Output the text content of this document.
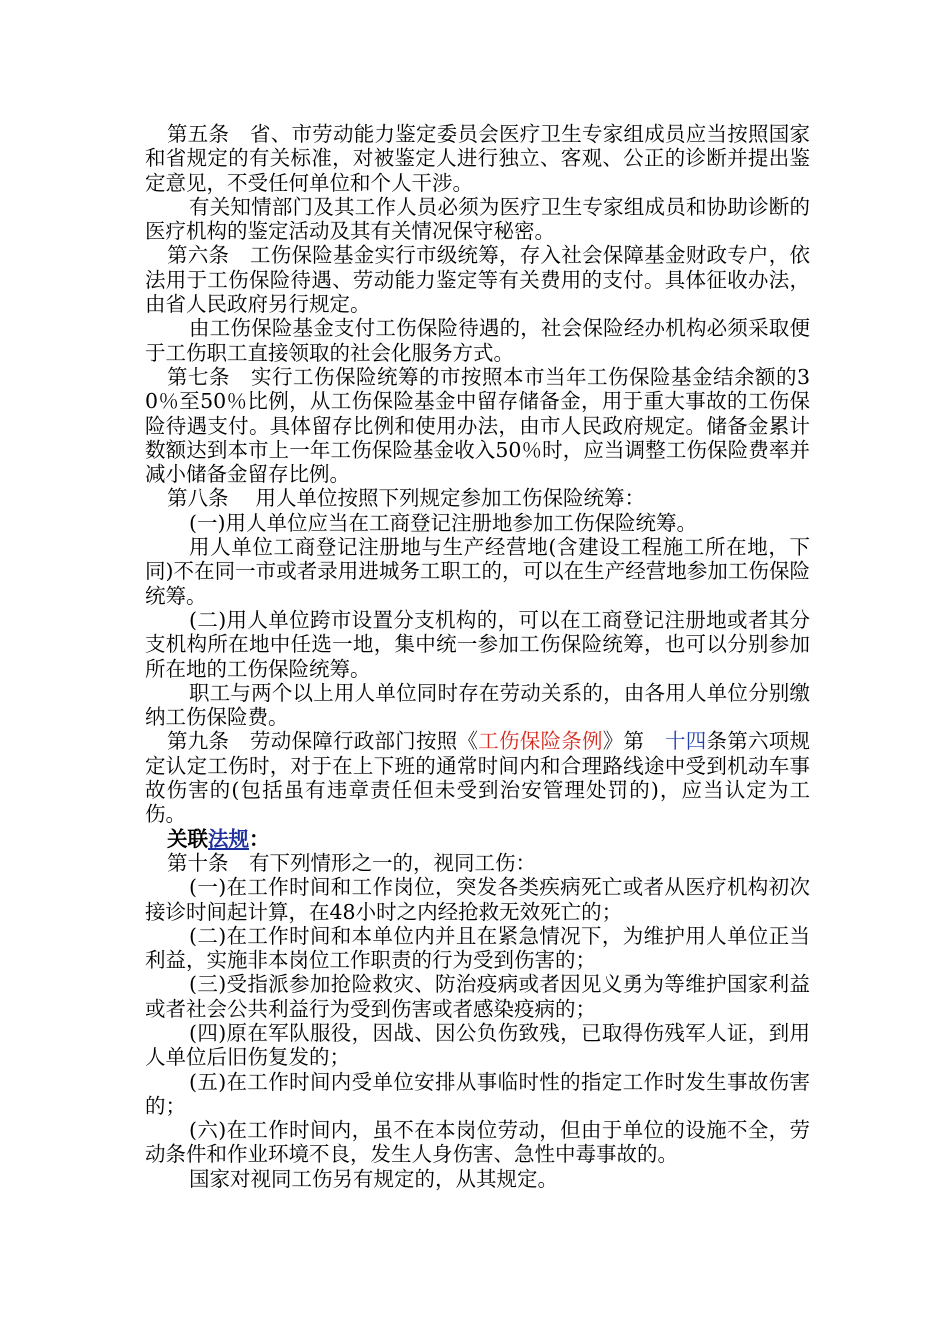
第五条　省、市劳动能力鉴定委员会医疗卫生专家组成员应当按照国家和省规定的有关标准，对被鉴定人进行独立、客观、公正的诊断并提出鉴定意见，不受任何单位和个人干涉。

有关知情部门及其工作人员必须为医疗卫生专家组成员和协助诊断的医疗机构的鉴定活动及其有关情况保守秘密。

第六条　工伤保险基金实行市级统筹，存入社会保障基金财政专户，依法用于工伤保险待遇、劳动能力鉴定等有关费用的支付。具体征收办法，由省人民政府另行规定。

由工伤保险基金支付工伤保险待遇的，社会保险经办机构必须采取便于工伤职工直接领取的社会化服务方式。

第七条　实行工伤保险统筹的市按照本市当年工伤保险基金结余额的30％至50％比例，从工伤保险基金中留存储备金，用于重大事故的工伤保险待遇支付。具体留存比例和使用办法，由市人民政府规定。储备金累计数额达到本市上一年工伤保险基金收入50％时，应当调整工伤保险费率并减小储备金留存比例。

第八条　 用人单位按照下列规定参加工伤保险统筹：

(一)用人单位应当在工商登记注册地参加工伤保险统筹。

用人单位工商登记注册地与生产经营地(含建设工程施工所在地，下同)不在同一市或者录用进城务工职工的，可以在生产经营地参加工伤保险统筹。

(二)用人单位跨市设置分支机构的，可以在工商登记注册地或者其分支机构所在地中任选一地，集中统一参加工伤保险统筹，也可以分别参加所在地的工伤保险统筹。

职工与两个以上用人单位同时存在劳动关系的，由各用人单位分别缴纳工伤保险费。

第九条　劳动保障行政部门按照《工伤保险条例》第　十四条第六项规定认定工伤时，对于在上下班的通常时间内和合理路线途中受到机动车事故伤害的(包括虽有违章责任但未受到治安管理处罚的)，应当认定为工伤。

关联法规：

第十条　有下列情形之一的，视同工伤：

(一)在工作时间和工作岗位，突发各类疾病死亡或者从医疗机构初次接诊时间起计算，在48小时之内经抢救无效死亡的；

(二)在工作时间和本单位内并且在紧急情况下，为维护用人单位正当利益，实施非本岗位工作职责的行为受到伤害的；

(三)受指派参加抢险救灾、防治疫病或者因见义勇为等维护国家利益或者社会公共利益行为受到伤害或者感染疫病的；

(四)原在军队服役，因战、因公负伤致残，已取得伤残军人证，到用人单位后旧伤复发的；

(五)在工作时间内受单位安排从事临时性的指定工作时发生事故伤害的；

(六)在工作时间内，虽不在本岗位劳动，但由于单位的设施不全，劳动条件和作业环境不良，发生人身伤害、急性中毒事故的。

国家对视同工伤另有规定的，从其规定。
